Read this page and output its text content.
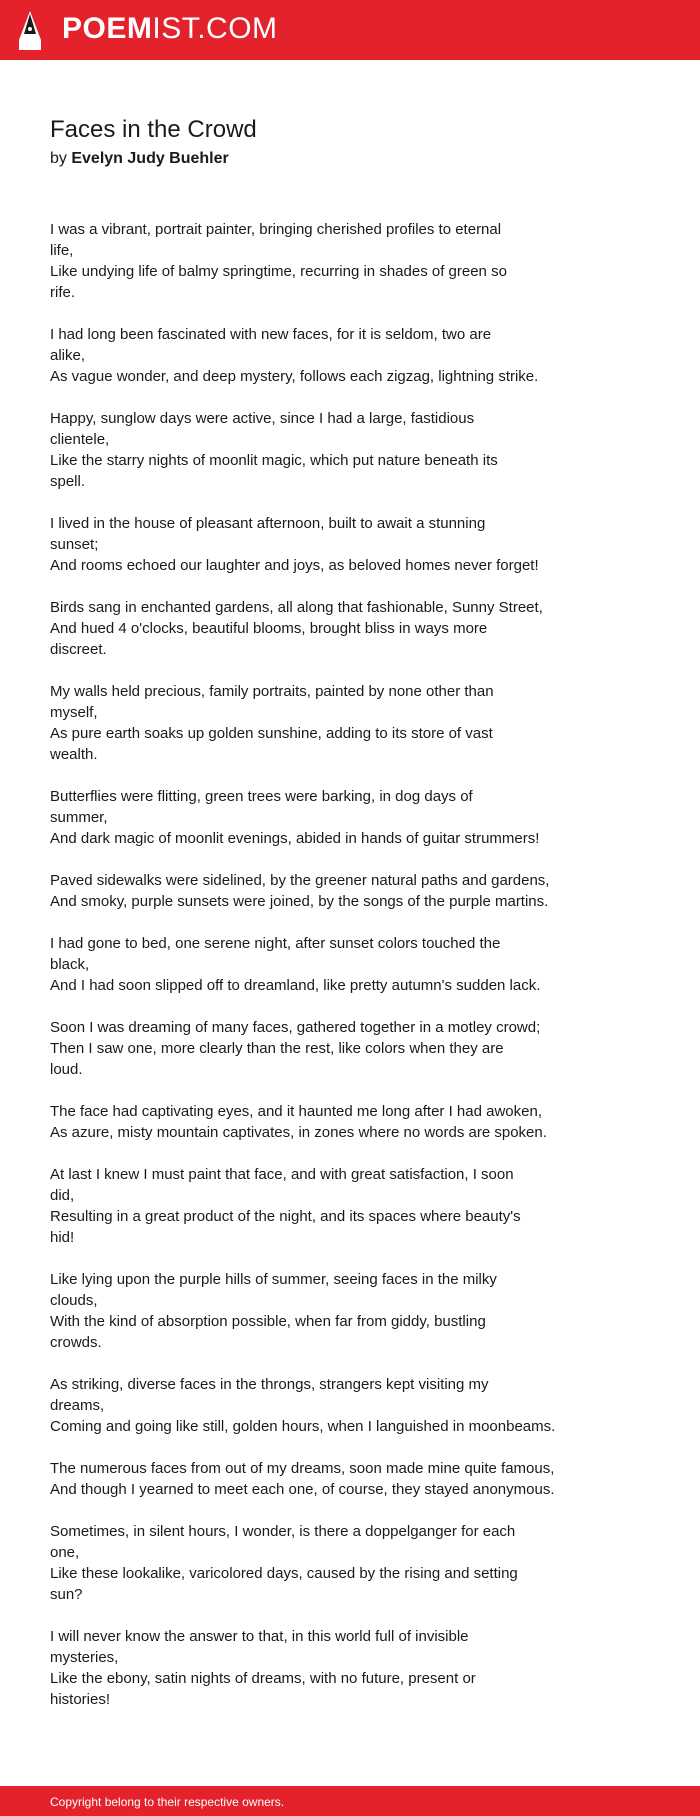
POEMIST.COM
Faces in the Crowd
by Evelyn Judy Buehler

I was a vibrant, portrait painter, bringing cherished profiles to eternal

life,

Like undying life of balmy springtime, recurring in shades of green so

rife.

I had long been fascinated with new faces, for it is seldom, two are

alike,

As vague wonder, and deep mystery, follows each zigzag, lightning strike.

Happy, sunglow days were active, since I had a large, fastidious

clientele,

Like the starry nights of moonlit magic, which put nature beneath its

spell.

I lived in the house of pleasant afternoon, built to await a stunning

sunset;

And rooms echoed our laughter and joys, as beloved homes never forget!

Birds sang in enchanted gardens, all along that fashionable, Sunny Street,

And hued 4 o'clocks, beautiful blooms, brought bliss in ways more

discreet.

My walls held precious, family portraits, painted by none other than

myself,

As pure earth soaks up golden sunshine, adding to its store of vast

wealth.

Butterflies were flitting, green trees were barking, in dog days of

summer,

And dark magic of moonlit evenings, abided in hands of guitar strummers!

Paved sidewalks were sidelined, by the greener natural paths and gardens,

And smoky, purple sunsets were joined, by the songs of the purple martins.

I had gone to bed, one serene night, after sunset colors touched the

black,

And I had soon slipped off to dreamland, like pretty autumn's sudden lack.

Soon I was dreaming of many faces, gathered together in a motley crowd;

Then I saw one, more clearly than the rest, like colors when they are

loud.

The face had captivating eyes, and it haunted me long after I had awoken,

As azure, misty mountain captivates, in zones where no words are spoken.

At last I knew I must paint that face, and with great satisfaction, I soon

did,

Resulting in a great product of the night, and its spaces where beauty's

hid!

Like lying upon the purple hills of summer, seeing faces in the milky

clouds,

With the kind of absorption possible, when far from giddy, bustling

crowds.

As striking, diverse faces in the throngs, strangers kept visiting my

dreams,

Coming and going like still, golden hours, when I languished in moonbeams.

The numerous faces from out of my dreams, soon made mine quite famous,

And though I yearned to meet each one, of course, they stayed anonymous.

Sometimes, in silent hours, I wonder, is there a doppelganger for each

one,

Like these lookalike, varicolored days, caused by the rising and setting

sun?

I will never know the answer to that, in this world full of invisible

mysteries,

Like the ebony, satin nights of dreams, with no future, present or

histories!

Copyright belong to their respective owners.
